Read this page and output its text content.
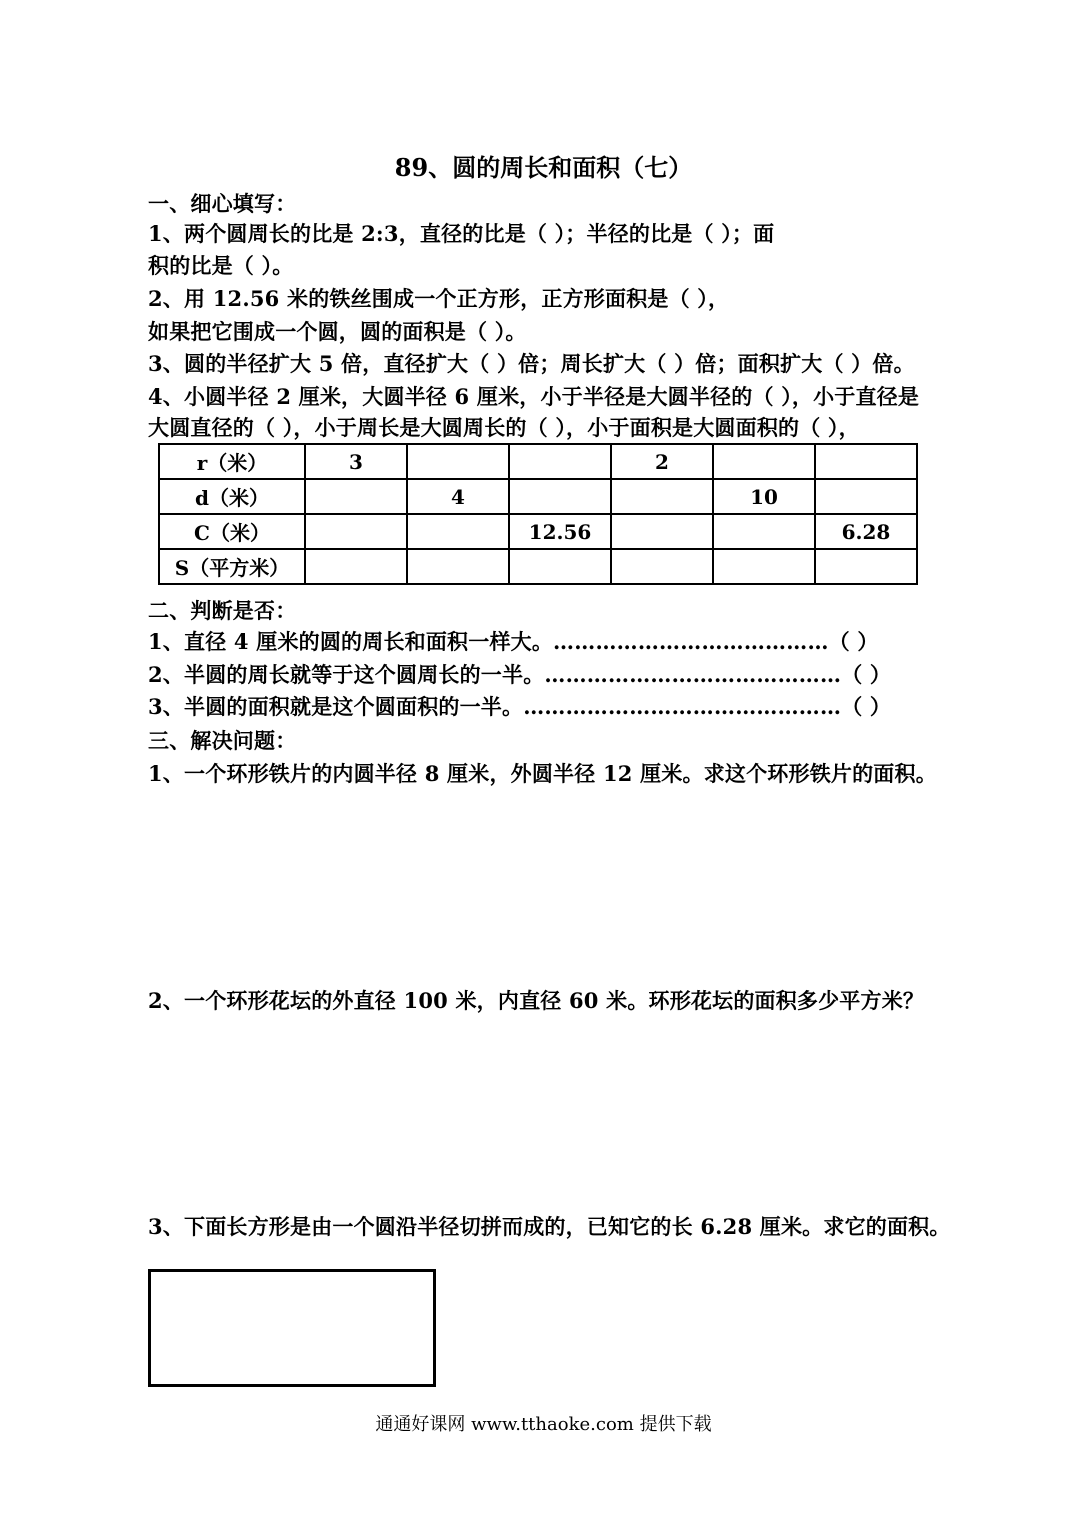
89、圆的周长和面积（七）
一、细心填写：
1、两个圆周长的比是 2:3，直径的比是（ ）；半径的比是（ ）；面
积的比是（ ）。
2、用 12.56 米的铁丝围成一个正方形，正方形面积是（ ），
如果把它围成一个圆，圆的面积是（ ）。
3、圆的半径扩大 5 倍，直径扩大（ ）倍；周长扩大（ ）倍；面积扩大（ ）倍。
4、小圆半径 2 厘米，大圆半径 6 厘米，小于半径是大圆半径的（ ），小于直径是
大圆直径的（ ），小于周长是大圆周长的（ ），小于面积是大圆面积的（ ），
r（米）	3			2		
d（米）		4			10	
C（米）			12.56			6.28
S（平方米）						
二、判断是否：
1、直径 4 厘米的圆的周长和面积一样大。…………………………………（ ）
2、半圆的周长就等于这个圆周长的一半。……………………………………（ ）
3、半圆的面积就是这个圆面积的一半。………………………………………（ ）
三、解决问题：
1、一个环形铁片的内圆半径 8 厘米，外圆半径 12 厘米。求这个环形铁片的面积。
2、一个环形花坛的外直径 100 米，内直径 60 米。环形花坛的面积多少平方米？
3、下面长方形是由一个圆沿半径切拼而成的，已知它的长 6.28 厘米。求它的面积。
通通好课网 www.tthaoke.com 提供下载
